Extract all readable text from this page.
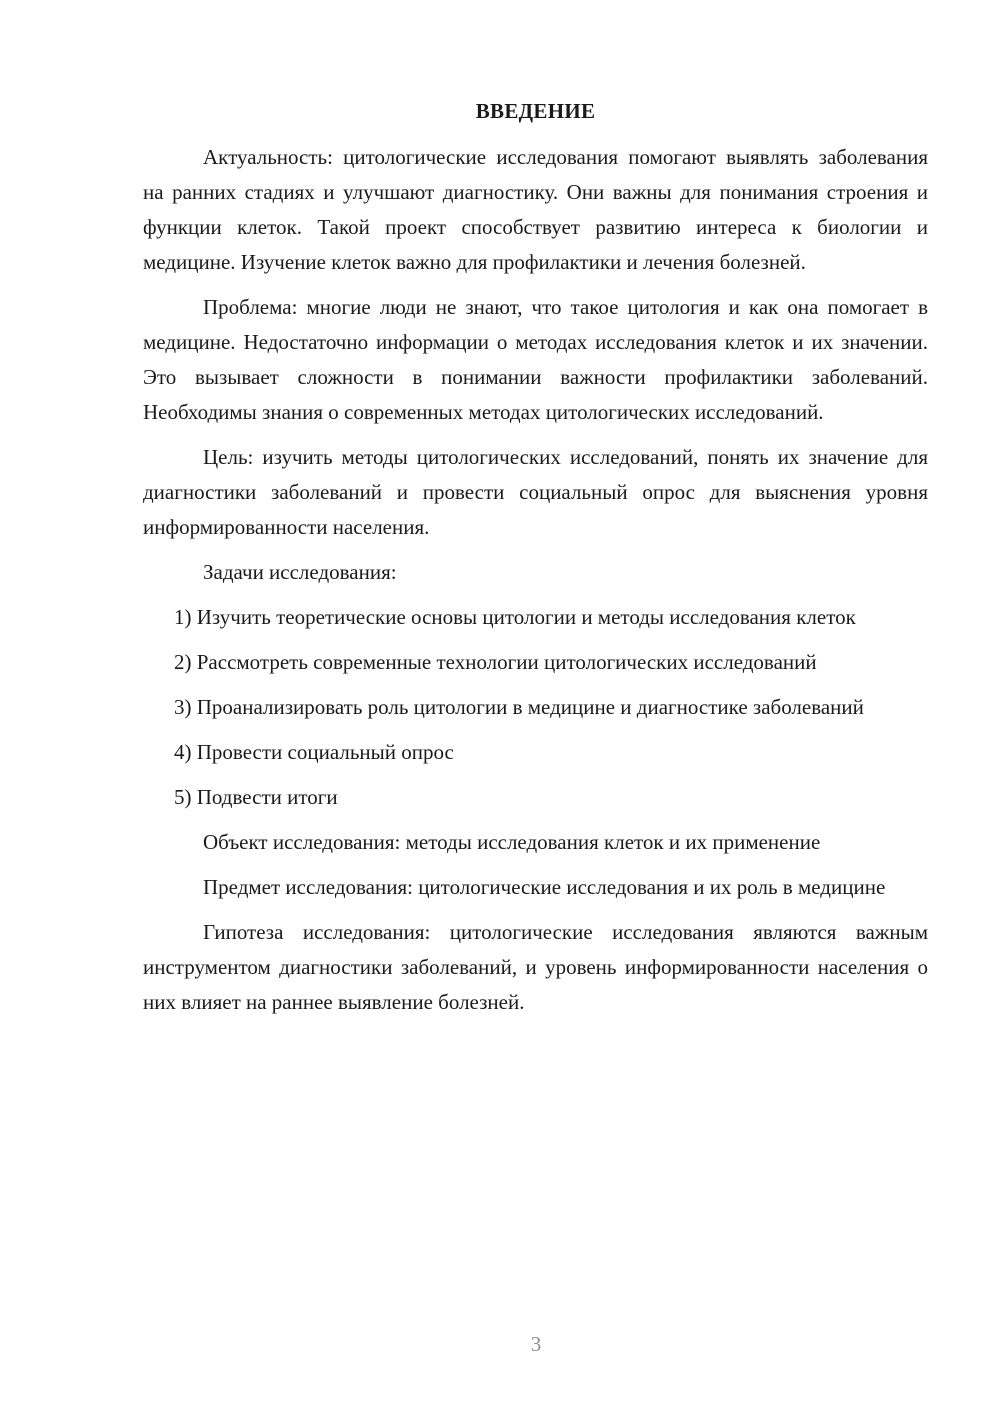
ВВЕДЕНИЕ

Актуальность: цитологические исследования помогают выявлять заболевания на ранних стадиях и улучшают диагностику. Они важны для понимания строения и функции клеток. Такой проект способствует развитию интереса к биологии и медицине. Изучение клеток важно для профилактики и лечения болезней.

Проблема: многие люди не знают, что такое цитология и как она помогает в медицине. Недостаточно информации о методах исследования клеток и их значении. Это вызывает сложности в понимании важности профилактики заболеваний. Необходимы знания о современных методах цитологических исследований.

Цель: изучить методы цитологических исследований, понять их значение для диагностики заболеваний и провести социальный опрос для выяснения уровня информированности населения.

Задачи исследования:

1) Изучить теоретические основы цитологии и методы исследования клеток

2) Рассмотреть современные технологии цитологических исследований

3) Проанализировать роль цитологии в медицине и диагностике заболеваний

4) Провести социальный опрос

5) Подвести итоги

Объект исследования: методы исследования клеток и их применение

Предмет исследования: цитологические исследования и их роль в медицине

Гипотеза исследования: цитологические исследования являются важным инструментом диагностики заболеваний, и уровень информированности населения о них влияет на раннее выявление болезней.

3
